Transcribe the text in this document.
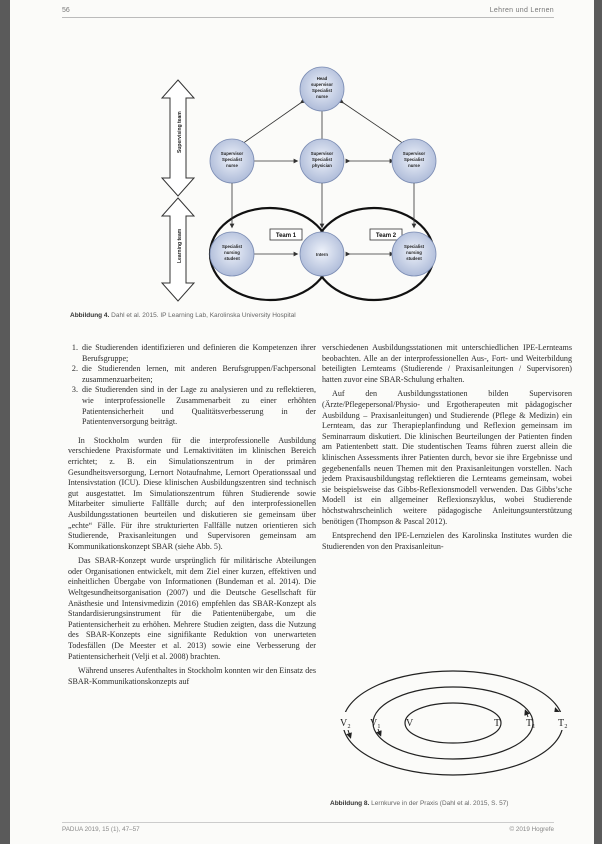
56	Lehren und Lernen
Supervising team
Learning team	Team 1	Team 2
Head
supervisor
Specialist
nurse
Supervisor
Specialist
nurse
Supervisor
Specialist
physician
Supervisor
Specialist
nurse
Specialist
nursing
student
Intern
Specialist
nursing
student
Abbildung 4. Dahl et al. 2015. IP Learning Lab, Karolinska University Hospital
1. die Studierenden identifizieren und definieren die Kompetenzen ihrer Berufsgruppe;
2. die Studierenden lernen, mit anderen Berufsgruppen/Fachpersonal zusammenzuarbeiten;
3. die Studierenden sind in der Lage zu analysieren und zu reflektieren, wie interprofessionelle Zusammenarbeit zu einer erhöhten Patientensicherheit und Qualitätsverbesserung in der Patientenversorgung beiträgt.

In Stockholm wurden für die interprofessionelle Ausbildung verschiedene Praxisformate und Lernaktivitäten im klinischen Bereich errichtet; z. B. ein Simulationszentrum in der primären Gesundheitsversorgung, Lernort Notaufnahme, Lernort Operationssaal und Intensivstation (ICU). Diese klinischen Ausbildungszentren sind technisch gut ausgestattet. Im Simulationszentrum führen Studierende sowie Mitarbeiter simulierte Fallfälle durch; auf den interprofessionellen Ausbildungsstationen beurteilen und diskutieren sie gemeinsam über „echte“ Fälle. Für ihre strukturierten Fallfälle nutzen orientieren sich Studierende, Praxisanleitungen und Supervisoren gemeinsam am Kommunikationskonzept SBAR (siehe Abb. 5).

Das SBAR-Konzept wurde ursprünglich für militärische Abteilungen oder Organisationen entwickelt, mit dem Ziel einer kurzen, effektiven und einheitlichen Übergabe von Informationen (Bundeman et al. 2014). Die Weltgesundheitsorganisation (2007) und die Deutsche Gesellschaft für Anästhesie und Intensivmedizin (2016) empfehlen das SBAR-Konzept als Standardisierungsinstrument für die Patientenübergabe, um die Patientensicherheit zu erhöhen. Mehrere Studien zeigten, dass die Nutzung des SBAR-Konzepts eine signifikante Reduktion von unerwarteten Todesfällen (De Meester et al. 2013) sowie eine Verbesserung der Patientensicherheit (Velji et al. 2008) brachten.

Während unseres Aufenthaltes in Stockholm konnten wir den Einsatz des SBAR-Kommunikationskonzepts auf

verschiedenen Ausbildungsstationen mit unterschiedlichen IPE-Lernteams beobachten. Alle an der interprofessionellen Aus-, Fort- und Weiterbildung beteiligten Lernteams (Studierende / Praxisanleitungen / Supervisoren) hatten zuvor eine SBAR-Schulung erhalten.

Auf den Ausbildungsstationen bilden Supervisoren (Ärzte/Pflegepersonal/Physio- und Ergotherapeuten mit pädagogischer Ausbildung – Praxisanleitungen) und Studierende (Pflege & Medizin) ein Lernteam, das zur Therapieplanfindung und Reflexion gemeinsam im Seminarraum diskutiert. Die klinischen Beurteilungen der Patienten finden am Patientenbett statt. Die studentischen Teams führen zuerst allein die klinischen Assessments ihrer Patienten durch, bevor sie ihre Ergebnisse und gegebenenfalls neuen Themen mit den Praxisanleitungen vorstellen. Nach jedem Praxisausbildungstag reflektieren die Lernteams gemeinsam, wobei sie beispielsweise das Gibbs-Reflexionsmodell verwenden. Das Gibbs’sche Modell ist ein allgemeiner Reflexionszyklus, wobei Studierende höchstwahrscheinlich weitere pädagogische Anleitungsunterstützung benötigen (Thompson & Pascal 2012).

Entsprechend den IPE-Lernzielen des Karolinska Institutes wurden die Studierenden von den Praxisanleitun-

V₂ V₁	V	T	T₁ T₂
Abbildung 8. Lernkurve in der Praxis (Dahl et al. 2015, S. 57)
PADUA 2019, 15 (1), 47–57	© 2019 Hogrefe
